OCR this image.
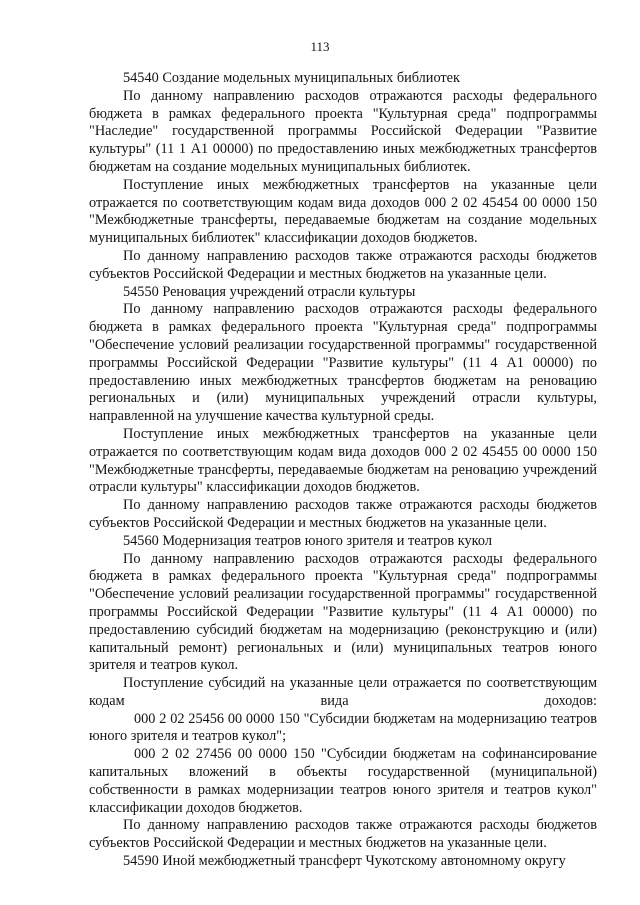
113

54540 Создание модельных муниципальных библиотек

По данному направлению расходов отражаются расходы федерального бюджета в рамках федерального проекта "Культурная среда" подпрограммы "Наследие" государственной программы Российской Федерации "Развитие культуры" (11 1 А1 00000) по предоставлению иных межбюджетных трансфертов бюджетам на создание модельных муниципальных библиотек.

Поступление иных межбюджетных трансфертов на указанные цели отражается по соответствующим кодам вида доходов 000 2 02 45454 00 0000 150 "Межбюджетные трансферты, передаваемые бюджетам на создание модельных муниципальных библиотек" классификации доходов бюджетов.

По данному направлению расходов также отражаются расходы бюджетов субъектов Российской Федерации и местных бюджетов на указанные цели.

54550 Реновация учреждений отрасли культуры

По данному направлению расходов отражаются расходы федерального бюджета в рамках федерального проекта "Культурная среда" подпрограммы "Обеспечение условий реализации государственной программы" государственной программы Российской Федерации "Развитие культуры" (11 4 А1 00000) по предоставлению иных межбюджетных трансфертов бюджетам на реновацию региональных и (или) муниципальных учреждений отрасли культуры, направленной на улучшение качества культурной среды.

Поступление иных межбюджетных трансфертов на указанные цели отражается по соответствующим кодам вида доходов 000 2 02 45455 00 0000 150 "Межбюджетные трансферты, передаваемые бюджетам на реновацию учреждений отрасли культуры" классификации доходов бюджетов.

По данному направлению расходов также отражаются расходы бюджетов субъектов Российской Федерации и местных бюджетов на указанные цели.

54560 Модернизация театров юного зрителя и театров кукол

По данному направлению расходов отражаются расходы федерального бюджета в рамках федерального проекта "Культурная среда" подпрограммы "Обеспечение условий реализации государственной программы" государственной программы Российской Федерации "Развитие культуры" (11 4 А1 00000) по предоставлению субсидий бюджетам на модернизацию (реконструкцию и (или) капитальный ремонт) региональных и (или) муниципальных театров юного зрителя и театров кукол.

Поступление субсидий на указанные цели отражается по соответствующим кодам вида доходов:

000 2 02 25456 00 0000 150 "Субсидии бюджетам на модернизацию театров юного зрителя и театров кукол";

000 2 02 27456 00 0000 150 "Субсидии бюджетам на софинансирование капитальных вложений в объекты государственной (муниципальной) собственности в рамках модернизации театров юного зрителя и театров кукол" классификации доходов бюджетов.

По данному направлению расходов также отражаются расходы бюджетов субъектов Российской Федерации и местных бюджетов на указанные цели.

54590 Иной межбюджетный трансферт Чукотскому автономному округу
